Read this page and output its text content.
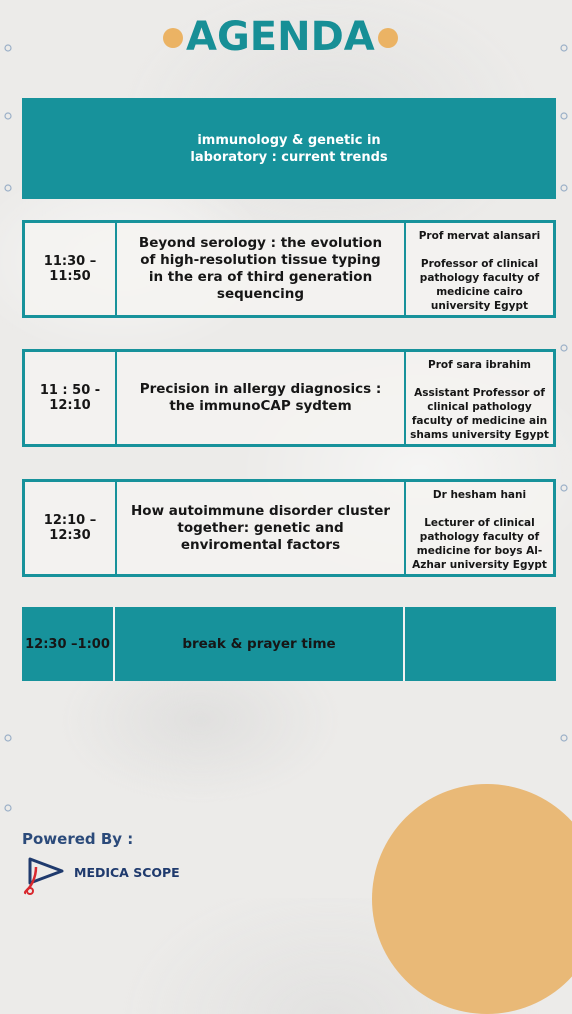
AGENDA
immunology & genetic in
laboratory : current trends
11:30 – 11:50
Beyond serology : the evolution of high-resolution tissue typing in the era of third generation sequencing
Prof mervat alansari
Professor of clinical pathology faculty of medicine cairo university Egypt
11 : 50 - 12:10
Precision in allergy diagnosics : the immunoCAP sydtem
Prof sara ibrahim
Assistant Professor of clinical pathology faculty of medicine ain shams university Egypt
12:10 – 12:30
How autoimmune disorder cluster together: genetic and enviromental factors
Dr hesham hani
Lecturer of clinical pathology faculty of medicine for boys Al-Azhar university Egypt
12:30 –1:00	break & prayer time
Powered By :
MEDICA SCOPE
